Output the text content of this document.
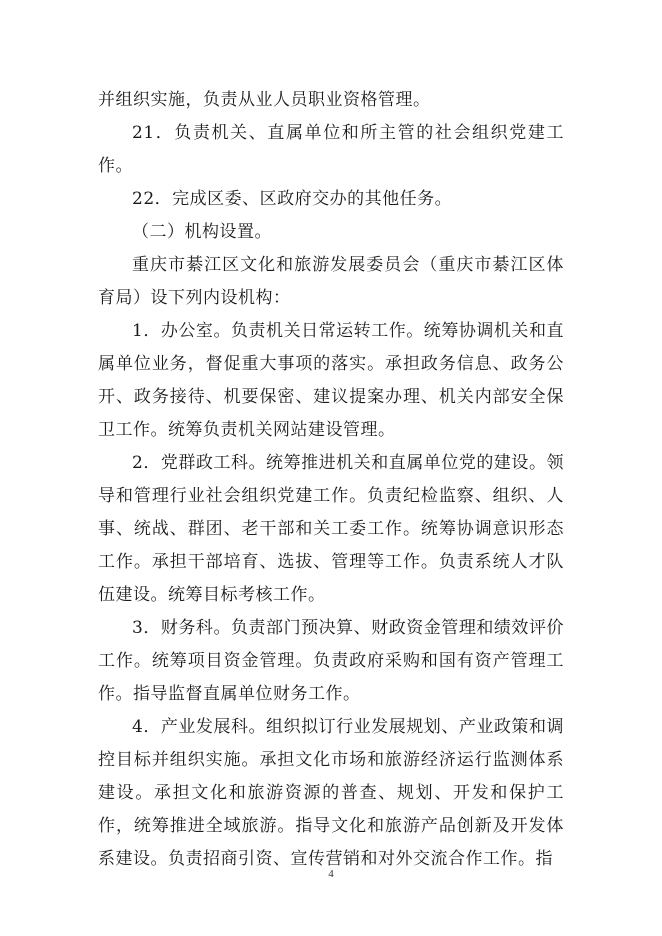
并组织实施，负责从业人员职业资格管理。

21．负责机关、直属单位和所主管的社会组织党建工作。

22．完成区委、区政府交办的其他任务。

（二）机构设置。

重庆市綦江区文化和旅游发展委员会（重庆市綦江区体育局）设下列内设机构：

1．办公室。负责机关日常运转工作。统筹协调机关和直属单位业务，督促重大事项的落实。承担政务信息、政务公开、政务接待、机要保密、建议提案办理、机关内部安全保卫工作。统筹负责机关网站建设管理。

2．党群政工科。统筹推进机关和直属单位党的建设。领导和管理行业社会组织党建工作。负责纪检监察、组织、人事、统战、群团、老干部和关工委工作。统筹协调意识形态工作。承担干部培育、选拔、管理等工作。负责系统人才队伍建设。统筹目标考核工作。

3．财务科。负责部门预决算、财政资金管理和绩效评价工作。统筹项目资金管理。负责政府采购和国有资产管理工作。指导监督直属单位财务工作。

4．产业发展科。组织拟订行业发展规划、产业政策和调控目标并组织实施。承担文化市场和旅游经济运行监测体系建设。承担文化和旅游资源的普查、规划、开发和保护工作，统筹推进全域旅游。指导文化和旅游产品创新及开发体系建设。负责招商引资、宣传营销和对外交流合作工作。指

4
